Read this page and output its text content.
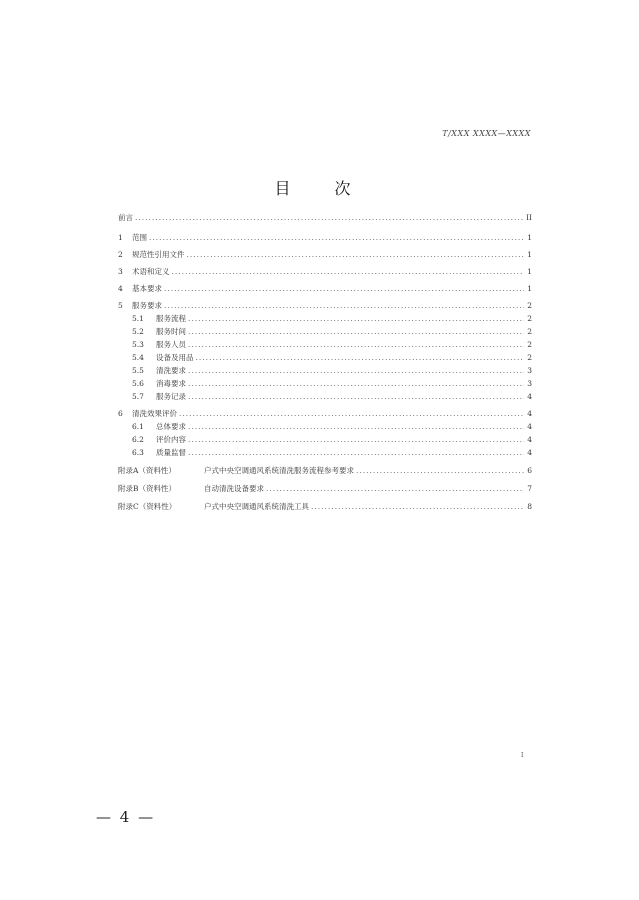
T/XXX XXXX—XXXX
目　次
前言 .....	II
1	范围 .....	1
2	规范性引用文件 .....	1
3	术语和定义 .....	1
4	基本要求 .....	1
5	服务要求 .....	2
5.1	服务流程 .....	2
5.2	服务时间 .....	2
5.3	服务人员 .....	2
5.4	设备及用品 .....	2
5.5	清洗要求 .....	3
5.6	消毒要求 .....	3
5.7	服务记录 .....	4
6	清洗效果评价 .....	4
6.1	总体要求 .....	4
6.2	评价内容 .....	4
6.3	质量监督 .....	4
附录A（资料性）	户式中央空调通风系统清洗服务流程参考要求 .....	6
附录B（资料性）	自动清洗设备要求 .....	7
附录C（资料性）	户式中央空调通风系统清洗工具 .....	8
I
— 4 —
